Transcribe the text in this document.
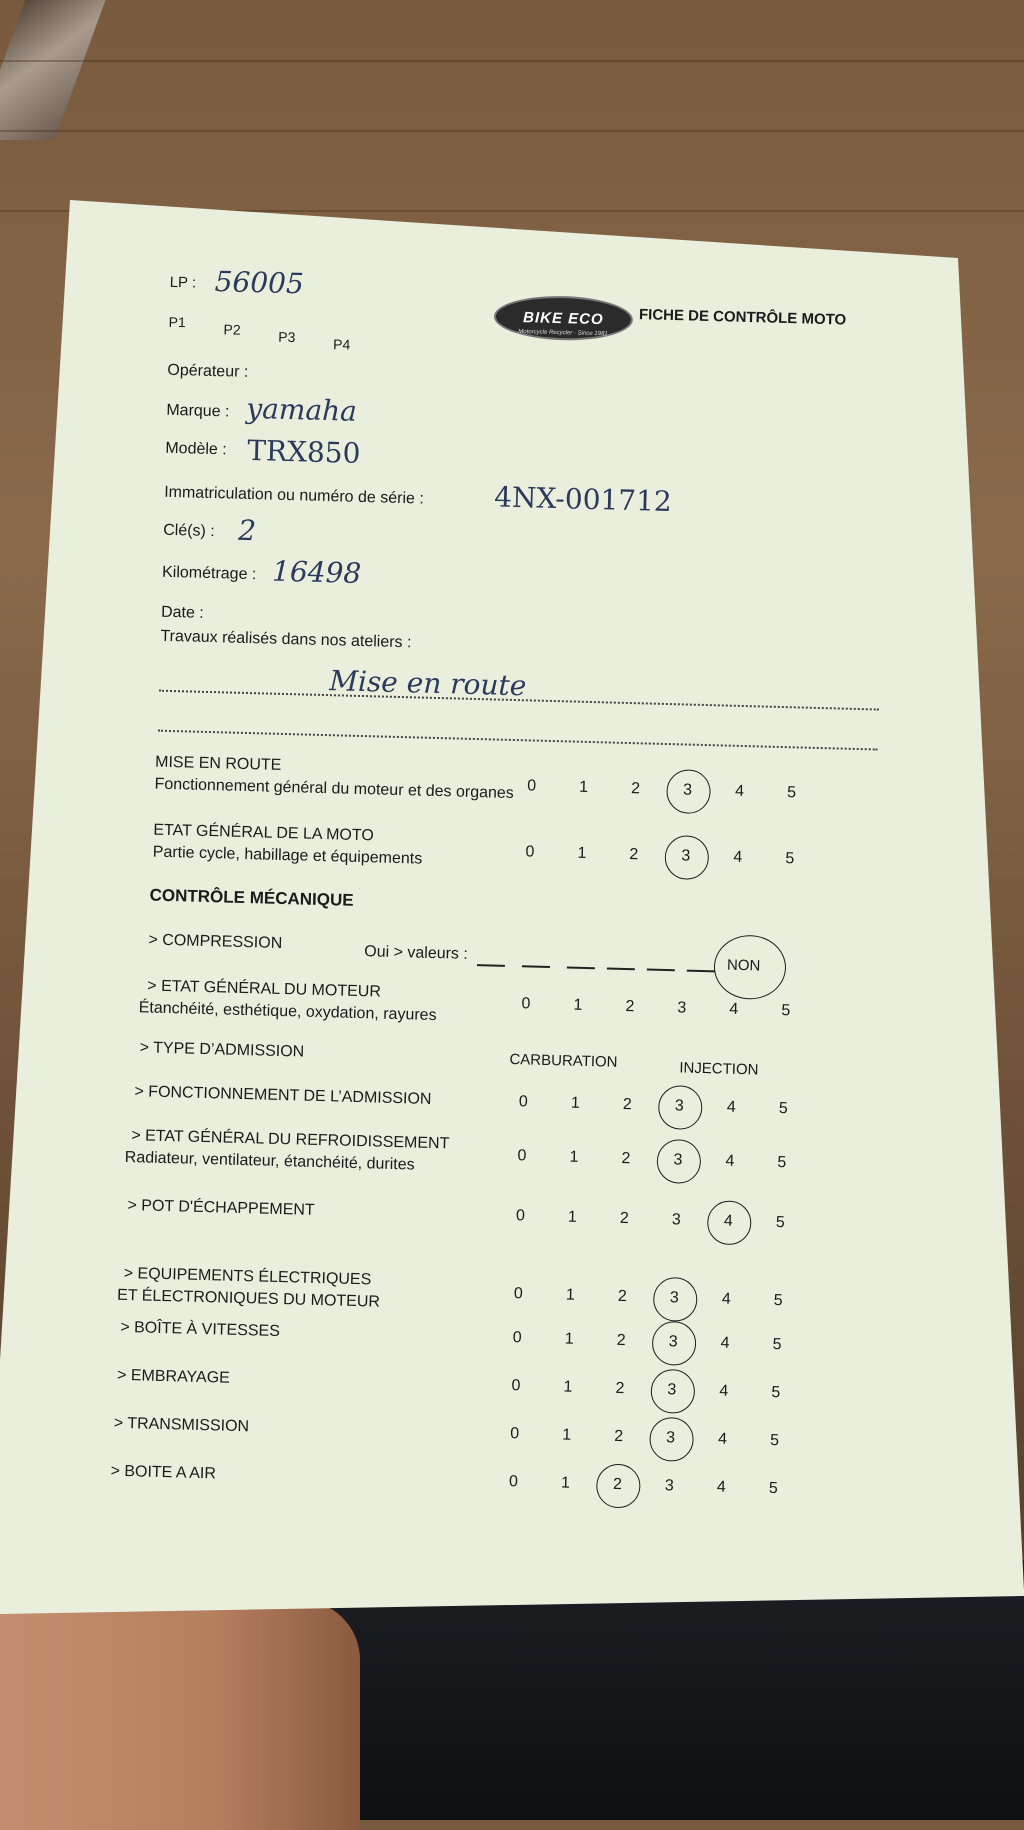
LP : 56005
P1	P2	P3	P4
BIKE ECO
Motorcycle Recycler · Since 1981
FICHE DE CONTRÔLE MOTO
Opérateur :
Marque : yamaha
Modèle : TRX850
Immatriculation ou numéro de série : 4NX-001712
Clé(s) : 2
Kilométrage : 16498
Date :
Travaux réalisés dans nos ateliers :
Mise en route
MISE EN ROUTE
Fonctionnement général du moteur et des organes 0	1	2	3	4	5
ETAT GÉNÉRAL DE LA MOTO
Partie cycle, habillage et équipements	0	1	2	3	4	5
CONTRÔLE MÉCANIQUE
> COMPRESSION
Oui > valeurs :
NON
> ETAT GÉNÉRAL DU MOTEUR
Étanchéité, esthétique, oxydation, rayures	0	1	2	3	4	5
> TYPE D’ADMISSION
CARBURATION	INJECTION
> FONCTIONNEMENT DE L’ADMISSION	0	1	2	3	4	5
> ETAT GÉNÉRAL DU REFROIDISSEMENT
Radiateur, ventilateur, étanchéité, durites	0	1	2	3	4	5
> POT D'ÉCHAPPEMENT	0	1	2	3	4	5
> EQUIPEMENTS ÉLECTRIQUES
ET ÉLECTRONIQUES DU MOTEUR	0	1	2	3	4	5
> BOÎTE À VITESSES	0	1	2	3	4	5
> EMBRAYAGE	0	1	2	3	4	5
> TRANSMISSION	0	1	2	3	4	5
> BOITE A AIR	0	1	2	3	4	5
